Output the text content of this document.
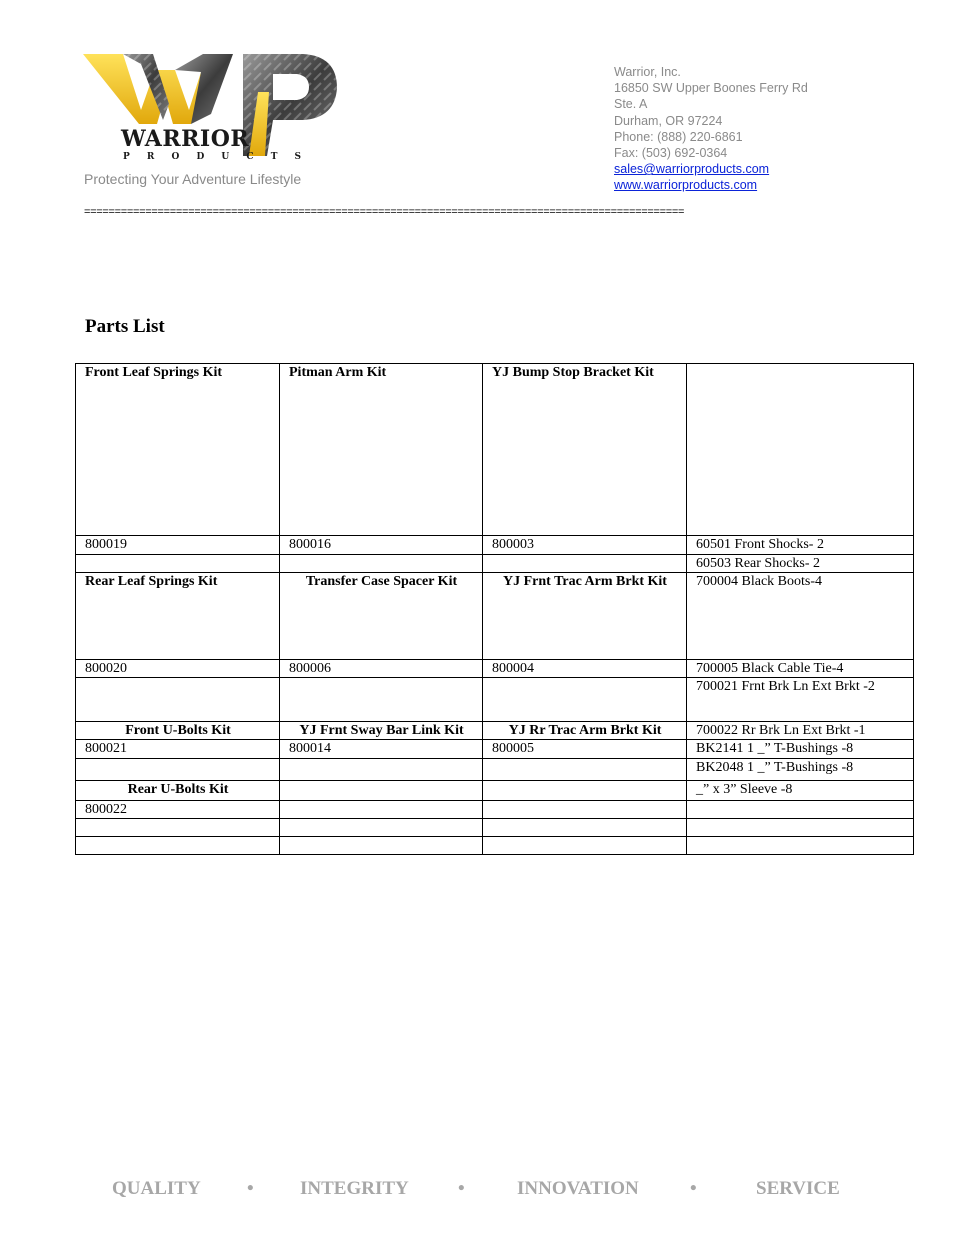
WARRIOR
P R O D U C T S
Protecting Your Adventure Lifestyle
Warrior, Inc.
16850 SW Upper Boones Ferry Rd
Ste. A
Durham, OR 97224
Phone: (888) 220-6861
Fax: (503) 692-0364
sales@warriorproducts.com
www.warriorproducts.com
==================================================================================================
Parts List
Front Leaf Springs Kit	Pitman Arm Kit	YJ Bump Stop Bracket Kit	
800019	800016	800003	60501 Front Shocks- 2
			60503 Rear Shocks- 2
Rear Leaf Springs Kit	Transfer Case Spacer Kit	YJ Frnt Trac Arm Brkt Kit	700004 Black Boots-4
800020	800006	800004	700005 Black Cable Tie-4
			700021 Frnt Brk Ln Ext Brkt -2
Front U-Bolts Kit	YJ Frnt Sway Bar Link Kit	YJ Rr Trac Arm Brkt Kit	700022 Rr Brk Ln Ext Brkt -1
800021	800014	800005	BK2141 1 _” T-Bushings -8
			BK2048 1 _” T-Bushings -8
Rear U-Bolts Kit			_” x 3” Sleeve -8
800022			

QUALITY • INTEGRITY	•	INNOVATION	•	SERVICE
